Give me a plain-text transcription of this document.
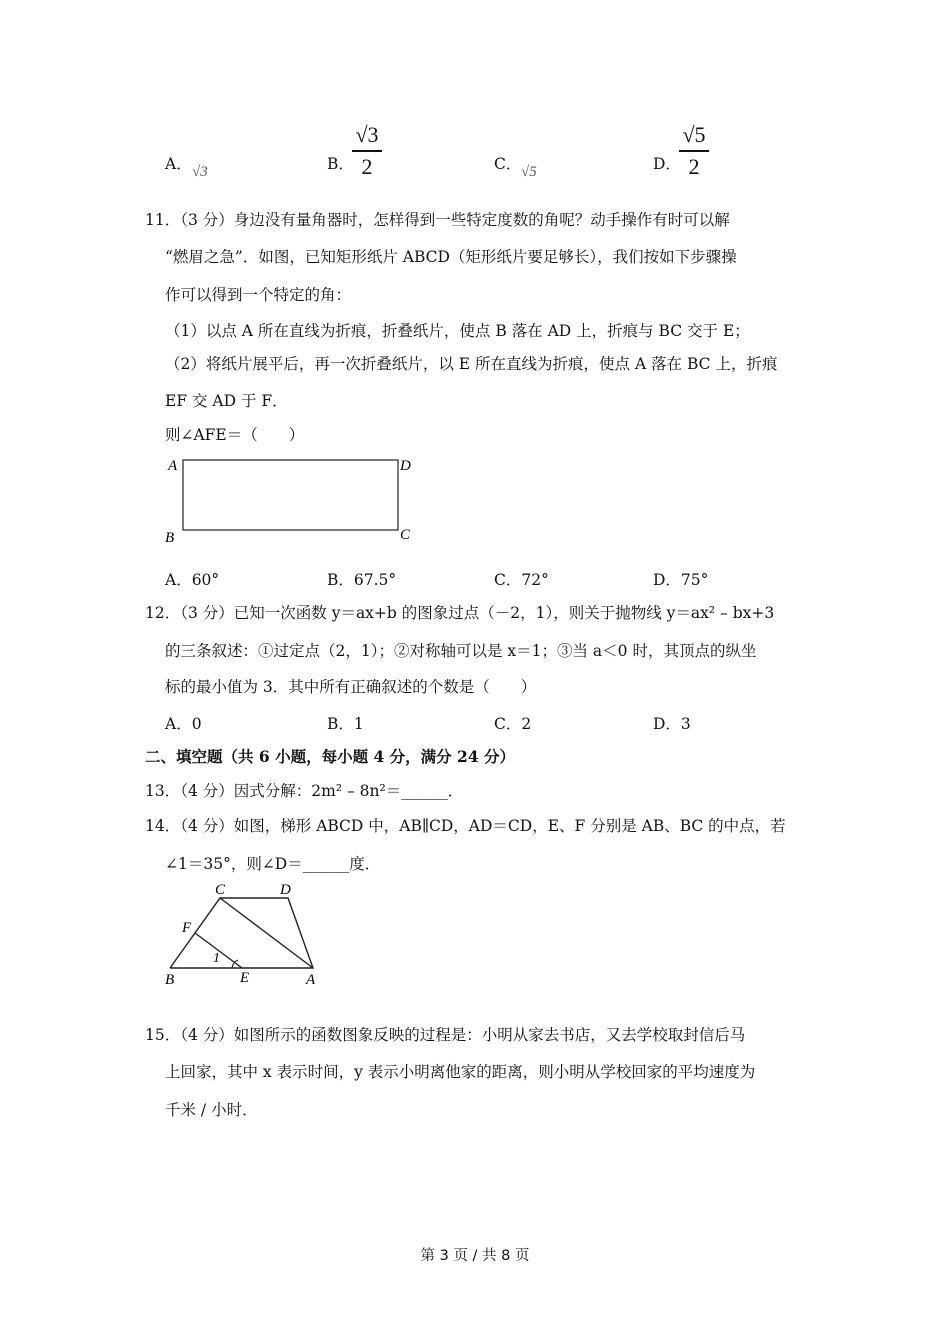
A． √3	B．
√3
2	C． √5	D．
√5
2
11．（3 分）身边没有量角器时，怎样得到一些特定度数的角呢？动手操作有时可以解
“燃眉之急”．如图，已知矩形纸片 ABCD（矩形纸片要足够长），我们按如下步骤操
作可以得到一个特定的角：
（1）以点 A 所在直线为折痕，折叠纸片，使点 B 落在 AD 上，折痕与 BC 交于 E；
（2）将纸片展平后，再一次折叠纸片，以 E 所在直线为折痕，使点 A 落在 BC 上，折痕
EF 交 AD 于 F．
则∠AFE＝（　　）
A	D
B	C
A．60°	B．67.5°	C．72°	D．75°
12．（3 分）已知一次函数 y＝ax+b 的图象过点（－2，1），则关于抛物线 y＝ax² – bx+3
的三条叙述：①过定点（2，1）；②对称轴可以是 x＝1；③当 a＜0 时，其顶点的纵坐
标的最小值为 3．其中所有正确叙述的个数是（　　）
A．0	B．1	C．2	D．3
二、填空题（共 6 小题，每小题 4 分，满分 24 分）
13．（4 分）因式分解：2m² – 8n²＝______．
14．（4 分）如图，梯形 ABCD 中，AB∥CD，AD＝CD，E、F 分别是 AB、BC 的中点，若
∠1＝35°，则∠D＝______度．
C	D
F
1
B	E	A
15．（4 分）如图所示的函数图象反映的过程是：小明从家去书店，又去学校取封信后马
上回家，其中 x 表示时间，y 表示小明离他家的距离，则小明从学校回家的平均速度为
千米 / 小时．
第 3 页 / 共 8 页
